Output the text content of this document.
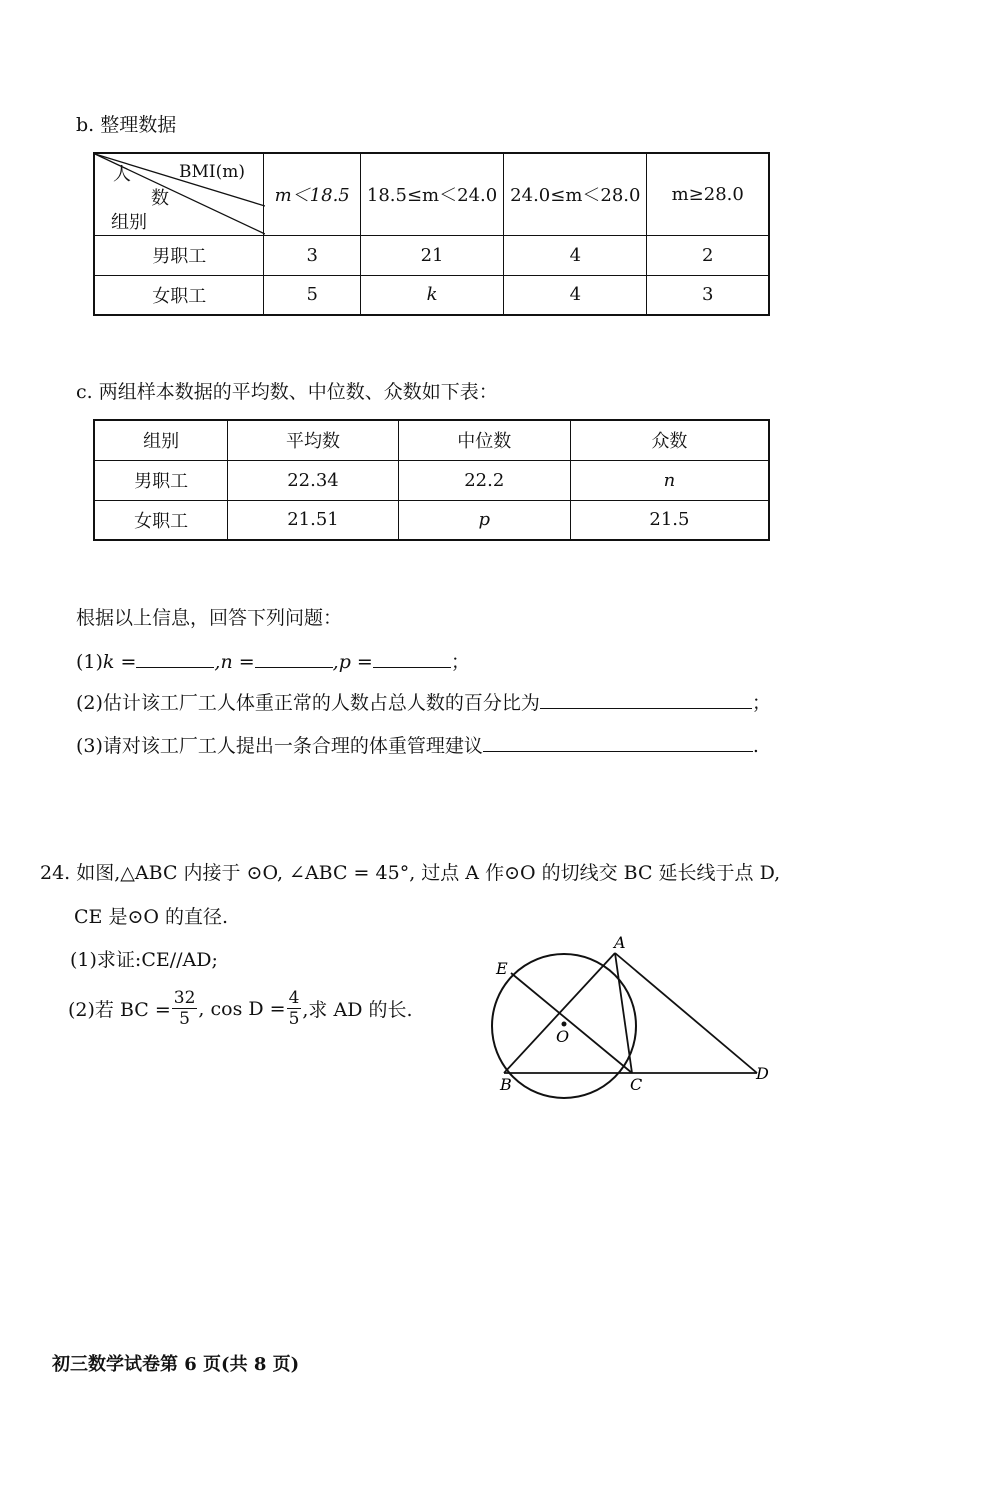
b. 整理数据
人 BMI(m)
数
组别	m＜18.5	18.5≤m＜24.0	24.0≤m＜28.0	m≥28.0
男职工	3	21	4	2
女职工	5	k	4	3
c. 两组样本数据的平均数、中位数、众数如下表：
组别	平均数	中位数	众数
男职工	22.34	22.2	n
女职工	21.51	p	21.5
根据以上信息，回答下列问题：
(1)k =	,n =	,p =	；
(2)估计该工厂工人体重正常的人数占总人数的百分比为	；
(3)请对该工厂工人提出一条合理的体重管理建议	.
24. 如图,△ABC 内接于 ⊙O, ∠ABC = 45°, 过点 A 作⊙O 的切线交 BC 延长线于点 D,
CE 是⊙O 的直径.
(1)求证:CE//AD;
(2)若 BC = $\frac{32}{5}$ , $\cos D = \frac{4}{5}$ ,求 AD 的长.
A
E
O
B	C
D
初三数学试卷第 6 页(共 8 页)
